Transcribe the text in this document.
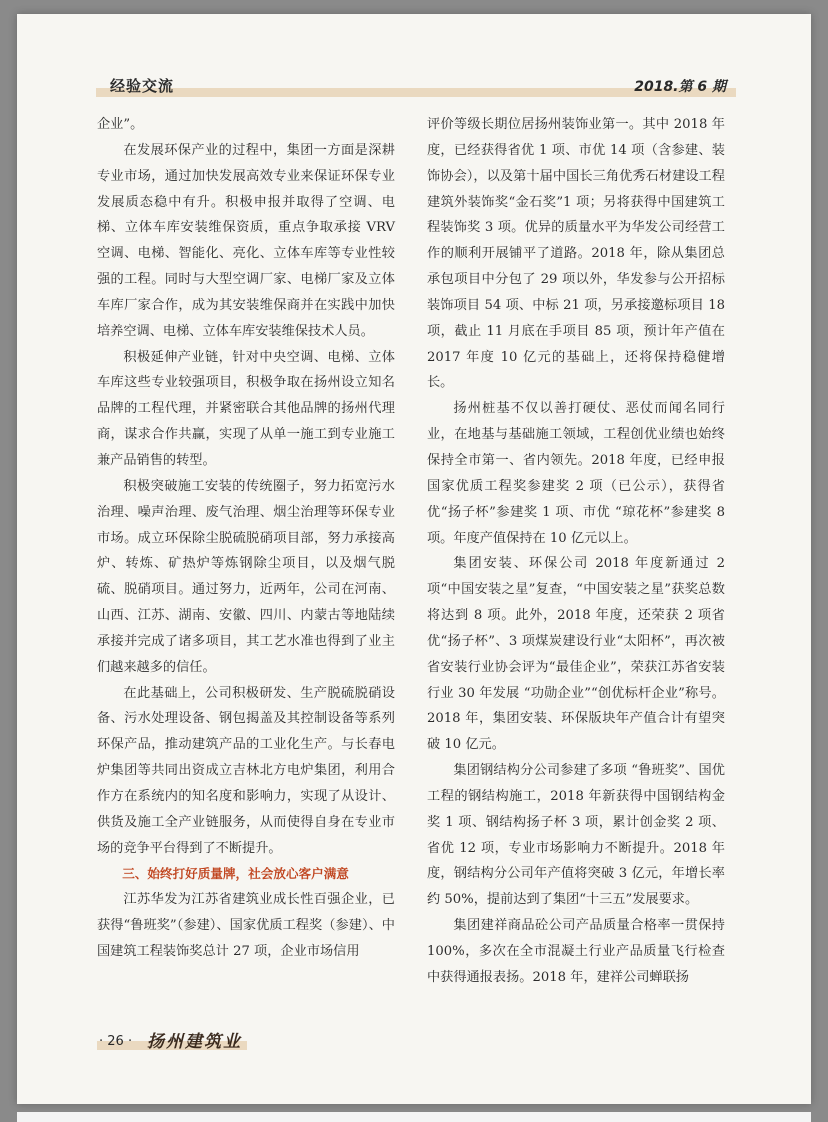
经验交流	2018.第 6 期

企业”。

在发展环保产业的过程中，集团一方面是深耕专业市场，通过加快发展高效专业来保证环保专业发展质态稳中有升。积极申报并取得了空调、电梯、立体车库安装维保资质，重点争取承接 VRV 空调、电梯、智能化、亮化、立体车库等专业性较强的工程。同时与大型空调厂家、电梯厂家及立体车库厂家合作，成为其安装维保商并在实践中加快培养空调、电梯、立体车库安装维保技术人员。

积极延伸产业链，针对中央空调、电梯、立体车库这些专业较强项目，积极争取在扬州设立知名品牌的工程代理，并紧密联合其他品牌的扬州代理商，谋求合作共赢，实现了从单一施工到专业施工兼产品销售的转型。

积极突破施工安装的传统圈子，努力拓宽污水治理、噪声治理、废气治理、烟尘治理等环保专业市场。成立环保除尘脱硫脱硝项目部，努力承接高炉、转炼、矿热炉等炼钢除尘项目，以及烟气脱硫、脱硝项目。通过努力，近两年，公司在河南、山西、江苏、湖南、安徽、四川、内蒙古等地陆续承接并完成了诸多项目，其工艺水准也得到了业主们越来越多的信任。

在此基础上，公司积极研发、生产脱硫脱硝设备、污水处理设备、钢包揭盖及其控制设备等系列环保产品，推动建筑产品的工业化生产。与长春电炉集团等共同出资成立吉林北方电炉集团，利用合作方在系统内的知名度和影响力，实现了从设计、供货及施工全产业链服务，从而使得自身在专业市场的竞争平台得到了不断提升。

三、始终打好质量牌，社会放心客户满意

江苏华发为江苏省建筑业成长性百强企业，已获得“鲁班奖”（参建）、国家优质工程奖（参建）、中国建筑工程装饰奖总计 27 项，企业市场信用

评价等级长期位居扬州装饰业第一。其中 2018 年度，已经获得省优 1 项、市优 14 项（含参建、装饰协会），以及第十届中国长三角优秀石材建设工程建筑外装饰奖“金石奖”1 项；另将获得中国建筑工程装饰奖 3 项。优异的质量水平为华发公司经营工作的顺利开展铺平了道路。2018 年，除从集团总承包项目中分包了 29 项以外，华发参与公开招标装饰项目 54 项、中标 21 项，另承接邀标项目 18 项，截止 11 月底在手项目 85 项，预计年产值在 2017 年度 10 亿元的基础上，还将保持稳健增长。

扬州桩基不仅以善打硬仗、恶仗而闻名同行业，在地基与基础施工领域，工程创优业绩也始终保持全市第一、省内领先。2018 年度，已经申报国家优质工程奖参建奖 2 项（已公示），获得省优“扬子杯”参建奖 1 项、市优 “琼花杯”参建奖 8 项。年度产值保持在 10 亿元以上。

集团安装、环保公司 2018 年度新通过 2 项“中国安装之星”复查，“中国安装之星”获奖总数将达到 8 项。此外，2018 年度，还荣获 2 项省优“扬子杯”、3 项煤炭建设行业“太阳杯”，再次被省安装行业协会评为“最佳企业”，荣获江苏省安装行业 30 年发展 “功勋企业”“创优标杆企业”称号。2018 年，集团安装、环保版块年产值合计有望突破 10 亿元。

集团钢结构分公司参建了多项 “鲁班奖”、国优工程的钢结构施工，2018 年新获得中国钢结构金奖 1 项、钢结构扬子杯 3 项，累计创金奖 2 项、省优 12 项，专业市场影响力不断提升。2018 年度，钢结构分公司年产值将突破 3 亿元，年增长率约 50%，提前达到了集团“十三五”发展要求。

集团建祥商品砼公司产品质量合格率一贯保持 100%，多次在全市混凝土行业产品质量飞行检查中获得通报表扬。2018 年，建祥公司蝉联扬

· 26 · 扬州建筑业
